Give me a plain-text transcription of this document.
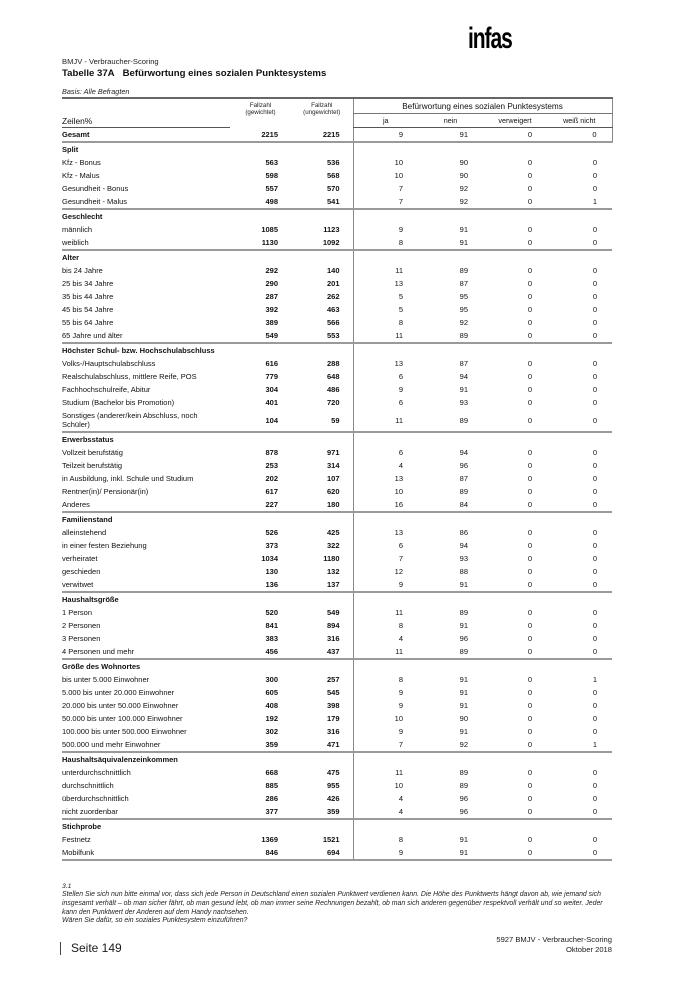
infas
BMJV - Verbraucher-Scoring
Tabelle 37A Befürwortung eines sozialen Punktesystems
Basis: Alle Befragten
	Fallzahl
(gewichtet)	Fallzahl
(ungewichtet)	Befürwortung eines sozialen Punktesystems			
Zeilen%			ja	nein	verweigert	weiß nicht
Gesamt	2215	2215	9	91	0	0
Split						
Kfz - Bonus	563	536	10	90	0	0
Kfz - Malus	598	568	10	90	0	0
Gesundheit - Bonus	557	570	7	92	0	0
Gesundheit - Malus	498	541	7	92	0	1
Geschlecht						
männlich	1085	1123	9	91	0	0
weiblich	1130	1092	8	91	0	0
Alter						
bis 24 Jahre	292	140	11	89	0	0
25 bis 34 Jahre	290	201	13	87	0	0
35 bis 44 Jahre	287	262	5	95	0	0
45 bis 54 Jahre	392	463	5	95	0	0
55 bis 64 Jahre	389	566	8	92	0	0
65 Jahre und älter	549	553	11	89	0	0
Höchster Schul- bzw. Hochschulabschluss						
Volks-/Hauptschulabschluss	616	288	13	87	0	0
Realschulabschluss, mittlere Reife, POS	779	648	6	94	0	0
Fachhochschulreife, Abitur	304	486	9	91	0	0
Studium (Bachelor bis Promotion)	401	720	6	93	0	0
Sonstiges (anderer/kein Abschluss, noch Schüler)	104	59	11	89	0	0
Erwerbsstatus						
Vollzeit berufstätig	878	971	6	94	0	0
Teilzeit berufstätig	253	314	4	96	0	0
in Ausbildung, inkl. Schule und Studium	202	107	13	87	0	0
Rentner(in)/ Pensionär(in)	617	620	10	89	0	0
Anderes	227	180	16	84	0	0
Familienstand						
alleinstehend	526	425	13	86	0	0
in einer festen Beziehung	373	322	6	94	0	0
verheiratet	1034	1180	7	93	0	0
geschieden	130	132	12	88	0	0
verwitwet	136	137	9	91	0	0
Haushaltsgröße						
1 Person	520	549	11	89	0	0
2 Personen	841	894	8	91	0	0
3 Personen	383	316	4	96	0	0
4 Personen und mehr	456	437	11	89	0	0
Größe des Wohnortes						
bis unter 5.000 Einwohner	300	257	8	91	0	1
5.000 bis unter 20.000 Einwohner	605	545	9	91	0	0
20.000 bis unter 50.000 Einwohner	408	398	9	91	0	0
50.000 bis unter 100.000 Einwohner	192	179	10	90	0	0
100.000 bis unter 500.000 Einwohner	302	316	9	91	0	0
500.000 und mehr Einwohner	359	471	7	92	0	1
Haushaltsäquivalenzeinkommen						
unterdurchschnittlich	668	475	11	89	0	0
durchschnittlich	885	955	10	89	0	0
überdurchschnittlich	286	426	4	96	0	0
nicht zuordenbar	377	359	4	96	0	0
Stichprobe						
Festnetz	1369	1521	8	91	0	0
Mobilfunk	846	694	9	91	0	0
3.1
Stellen Sie sich nun bitte einmal vor, dass sich jede Person in Deutschland einen sozialen Punktwert verdienen kann. Die Höhe des Punktwerts hängt davon ab, wie jemand sich insgesamt verhält – ob man sicher fährt, ob man gesund lebt, ob man immer seine Rechnungen bezahlt, ob man sich anderen gegenüber respektvoll verhält und so weiter. Jeder kann den Punktwert der Anderen auf dem Handy nachsehen.
Wären Sie dafür, so ein soziales Punktesystem einzuführen?
5927 BMJV - Verbraucher-Scoring
Oktober 2018
Seite 149
